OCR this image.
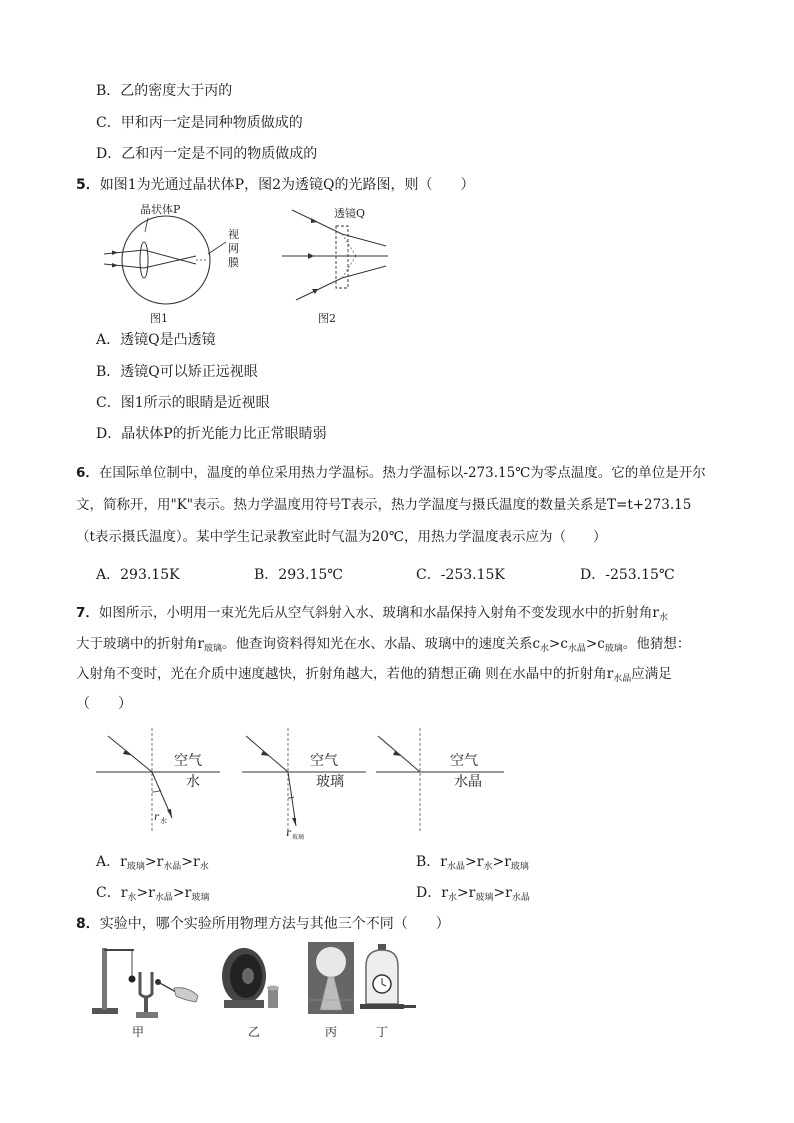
B．乙的密度大于丙的
C．甲和丙一定是同种物质做成的
D．乙和丙一定是不同的物质做成的
5．如图1为光通过晶状体P，图2为透镜Q的光路图，则（　　）
晶状体P
视
网
膜
图1
透镜Q
图2
A．透镜Q是凸透镜
B．透镜Q可以矫正远视眼
C．图1所示的眼睛是近视眼
D．晶状体P的折光能力比正常眼睛弱
6．在国际单位制中，温度的单位采用热力学温标。热力学温标以-273.15℃为零点温度。它的单位是开尔
文，简称开，用"K"表示。热力学温度用符号T表示，热力学温度与摄氏温度的数量关系是T=t+273.15
（t表示摄氏温度）。某中学生记录教室此时气温为20℃，用热力学温度表示应为（　　）
A．293.15K	B．293.15℃	C．-253.15K	D．-253.15℃
7．如图所示，小明用一束光先后从空气斜射入水、玻璃和水晶保持入射角不变发现水中的折射角$r_水$
大于玻璃中的折射角$r_{玻璃}$。他查询资料得知光在水、水晶、玻璃中的速度关系$c_水>c_{水晶}>c_{玻璃}$。他猜想：
入射角不变时，光在介质中速度越快，折射角越大，若他的猜想正确 则在水晶中的折射角$r_{水晶}$应满足
（　　）
空气
水
r 水
空气
玻璃
r 玻璃
空气
水晶
A．$r_{玻璃}>r_{水晶}>r_水$	B．$r_{水晶}>r_水>r_{玻璃}$
C．$r_水>r_{水晶}>r_{玻璃}$	D．$r_水>r_{玻璃}>r_{水晶}$
8．实验中，哪个实验所用物理方法与其他三个不同（　　）
甲	乙	丙	丁
